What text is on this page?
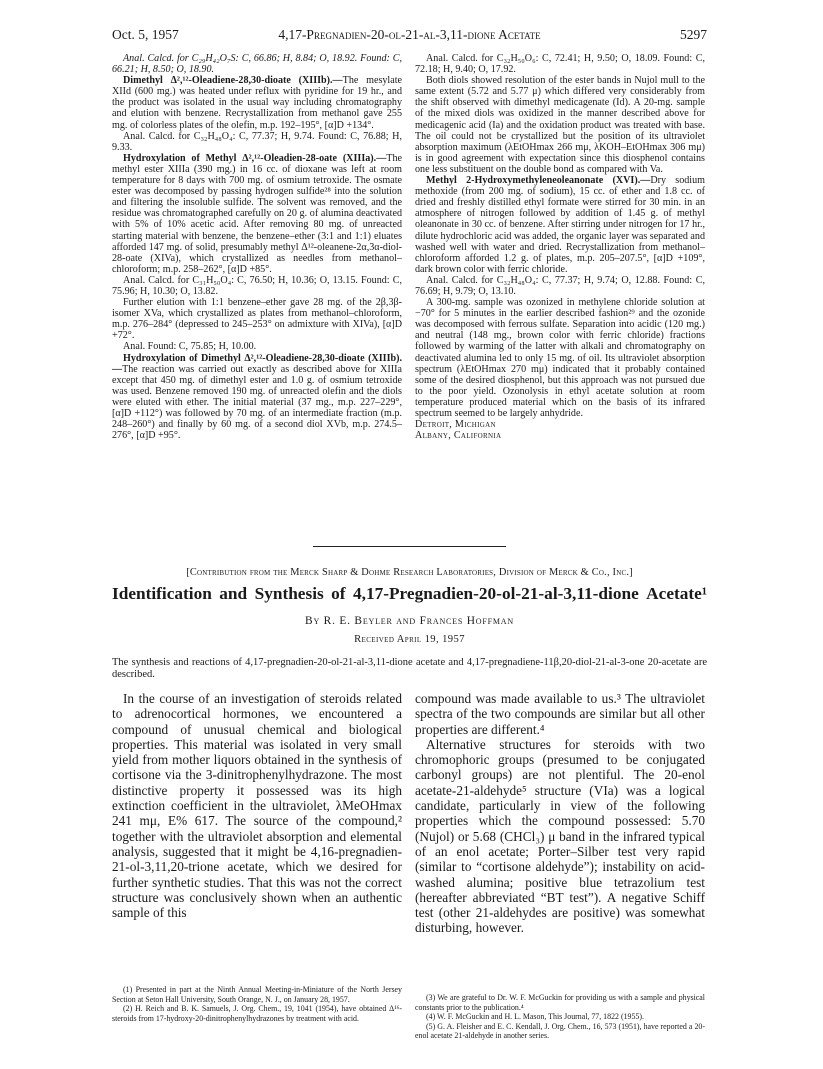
Oct. 5, 1957	4,17-Pregnadien-20-ol-21-al-3,11-dione Acetate	5297

Anal. Calcd. for C₂₉H₄₂O₇S: C, 66.86; H, 8.84; O, 18.92. Found: C, 66.21; H, 8.50; O, 18.90.

Dimethyl Δ²,¹²-Oleadiene-28,30-dioate (XIIIb).—The mesylate XIId (600 mg.) was heated under reflux with pyridine for 19 hr., and the product was isolated in the usual way including chromatography and elution with benzene. Recrystallization from methanol gave 255 mg. of colorless plates of the olefin, m.p. 192–195°, [α]D +134°.

Anal. Calcd. for C₃₂H₄₈O₄: C, 77.37; H, 9.74. Found: C, 76.88; H, 9.33.

Hydroxylation of Methyl Δ²,¹²-Oleadien-28-oate (XIIIa).—The methyl ester XIIIa (390 mg.) in 16 cc. of dioxane was left at room temperature for 8 days with 700 mg. of osmium tetroxide. The osmate ester was decomposed by passing hydrogen sulfide²⁸ into the solution and filtering the insoluble sulfide. The solvent was removed, and the residue was chromatographed carefully on 20 g. of alumina deactivated with 5% of 10% acetic acid. After removing 80 mg. of unreacted starting material with benzene, the benzene–ether (3:1 and 1:1) eluates afforded 147 mg. of solid, presumably methyl Δ¹²-oleanene-2α,3α-diol-28-oate (XIVa), which crystallized as needles from methanol–chloroform; m.p. 258–262°, [α]D +85°.

Anal. Calcd. for C₃₁H₅₀O₄: C, 76.50; H, 10.36; O, 13.15. Found: C, 75.96; H, 10.30; O, 13.82.

Further elution with 1:1 benzene–ether gave 28 mg. of the 2β,3β-isomer XVa, which crystallized as plates from methanol–chloroform, m.p. 276–284° (depressed to 245–253° on admixture with XIVa), [α]D +72°.

Anal. Found: C, 75.85; H, 10.00.

Hydroxylation of Dimethyl Δ²,¹²-Oleadiene-28,30-dioate (XIIIb).—The reaction was carried out exactly as described above for XIIIa except that 450 mg. of dimethyl ester and 1.0 g. of osmium tetroxide was used. Benzene removed 190 mg. of unreacted olefin and the diols were eluted with ether. The initial material (37 mg., m.p. 227–229°, [α]D +112°) was followed by 70 mg. of an intermediate fraction (m.p. 248–260°) and finally by 60 mg. of a second diol XVb, m.p. 274.5–276°, [α]D +95°.

Anal. Calcd. for C₃₂H₅₀O₆: C, 72.41; H, 9.50; O, 18.09. Found: C, 72.18; H, 9.40; O, 17.92.

Both diols showed resolution of the ester bands in Nujol mull to the same extent (5.72 and 5.77 μ) which differed very considerably from the shift observed with dimethyl medicagenate (Id). A 20-mg. sample of the mixed diols was oxidized in the manner described above for medicagenic acid (Ia) and the oxidation product was treated with base. The oil could not be crystallized but the position of its ultraviolet absorption maximum (λEtOHmax 266 mμ, λKOH–EtOHmax 306 mμ) is in good agreement with expectation since this diosphenol contains one less substituent on the double bond as compared with Va.

Methyl 2-Hydroxymethyleneoleanonate (XVI).—Dry sodium methoxide (from 200 mg. of sodium), 15 cc. of ether and 1.8 cc. of dried and freshly distilled ethyl formate were stirred for 30 min. in an atmosphere of nitrogen followed by addition of 1.45 g. of methyl oleanonate in 30 cc. of benzene. After stirring under nitrogen for 17 hr., dilute hydrochloric acid was added, the organic layer was separated and washed well with water and dried. Recrystallization from methanol–chloroform afforded 1.2 g. of plates, m.p. 205–207.5°, [α]D +109°, dark brown color with ferric chloride.

Anal. Calcd. for C₃₂H₄₈O₄: C, 77.37; H, 9.74; O, 12.88. Found: C, 76.69; H, 9.79; O, 13.10.

A 300-mg. sample was ozonized in methylene chloride solution at −70° for 5 minutes in the earlier described fashion²⁹ and the ozonide was decomposed with ferrous sulfate. Separation into acidic (120 mg.) and neutral (148 mg., brown color with ferric chloride) fractions followed by warming of the latter with alkali and chromatography on deactivated alumina led to only 15 mg. of oil. Its ultraviolet absorption spectrum (λEtOHmax 270 mμ) indicated that it probably contained some of the desired diosphenol, but this approach was not pursued due to the poor yield. Ozonolysis in ethyl acetate solution at room temperature produced material which on the basis of its infrared spectrum seemed to be largely anhydride.

Detroit, Michigan

Albany, California

[Contribution from the Merck Sharp & Dohme Research Laboratories, Division of Merck & Co., Inc.]
Identification and Synthesis of 4,17-Pregnadien-20-ol-21-al-3,11-dione Acetate¹
By R. E. Beyler and Frances Hoffman
Received April 19, 1957
The synthesis and reactions of 4,17-pregnadien-20-ol-21-al-3,11-dione acetate and 4,17-pregnadiene-11β,20-diol-21-al-3-one 20-acetate are described.

In the course of an investigation of steroids related to adrenocortical hormones, we encountered a compound of unusual chemical and biological properties. This material was isolated in very small yield from mother liquors obtained in the synthesis of cortisone via the 3-dinitrophenylhydrazone. The most distinctive property it possessed was its high extinction coefficient in the ultraviolet, λMeOHmax 241 mμ, E% 617. The source of the compound,² together with the ultraviolet absorption and elemental analysis, suggested that it might be 4,16-pregnadien-21-ol-3,11,20-trione acetate, which we desired for further synthetic studies. That this was not the correct structure was conclusively shown when an authentic sample of this

compound was made available to us.³ The ultraviolet spectra of the two compounds are similar but all other properties are different.⁴

Alternative structures for steroids with two chromophoric groups (presumed to be conjugated carbonyl groups) are not plentiful. The 20-enol acetate-21-aldehyde⁵ structure (VIa) was a logical candidate, particularly in view of the following properties which the compound possessed: 5.70 (Nujol) or 5.68 (CHCl₃) μ band in the infrared typical of an enol acetate; Porter–Silber test very rapid (similar to “cortisone aldehyde”); instability on acid-washed alumina; positive blue tetrazolium test (hereafter abbreviated “BT test”). A negative Schiff test (other 21-aldehydes are positive) was somewhat disturbing, however.

(1) Presented in part at the Ninth Annual Meeting-in-Miniature of the North Jersey Section at Seton Hall University, South Orange, N. J., on January 28, 1957.

(2) H. Reich and B. K. Samuels, J. Org. Chem., 19, 1041 (1954), have obtained Δ¹⁶-steroids from 17-hydroxy-20-dinitrophenylhydrazones by treatment with acid.

(3) We are grateful to Dr. W. F. McGuckin for providing us with a sample and physical constants prior to the publication.⁴

(4) W. F. McGuckin and H. L. Mason, This Journal, 77, 1822 (1955).

(5) G. A. Fleisher and E. C. Kendall, J. Org. Chem., 16, 573 (1951), have reported a 20-enol acetate 21-aldehyde in another series.
